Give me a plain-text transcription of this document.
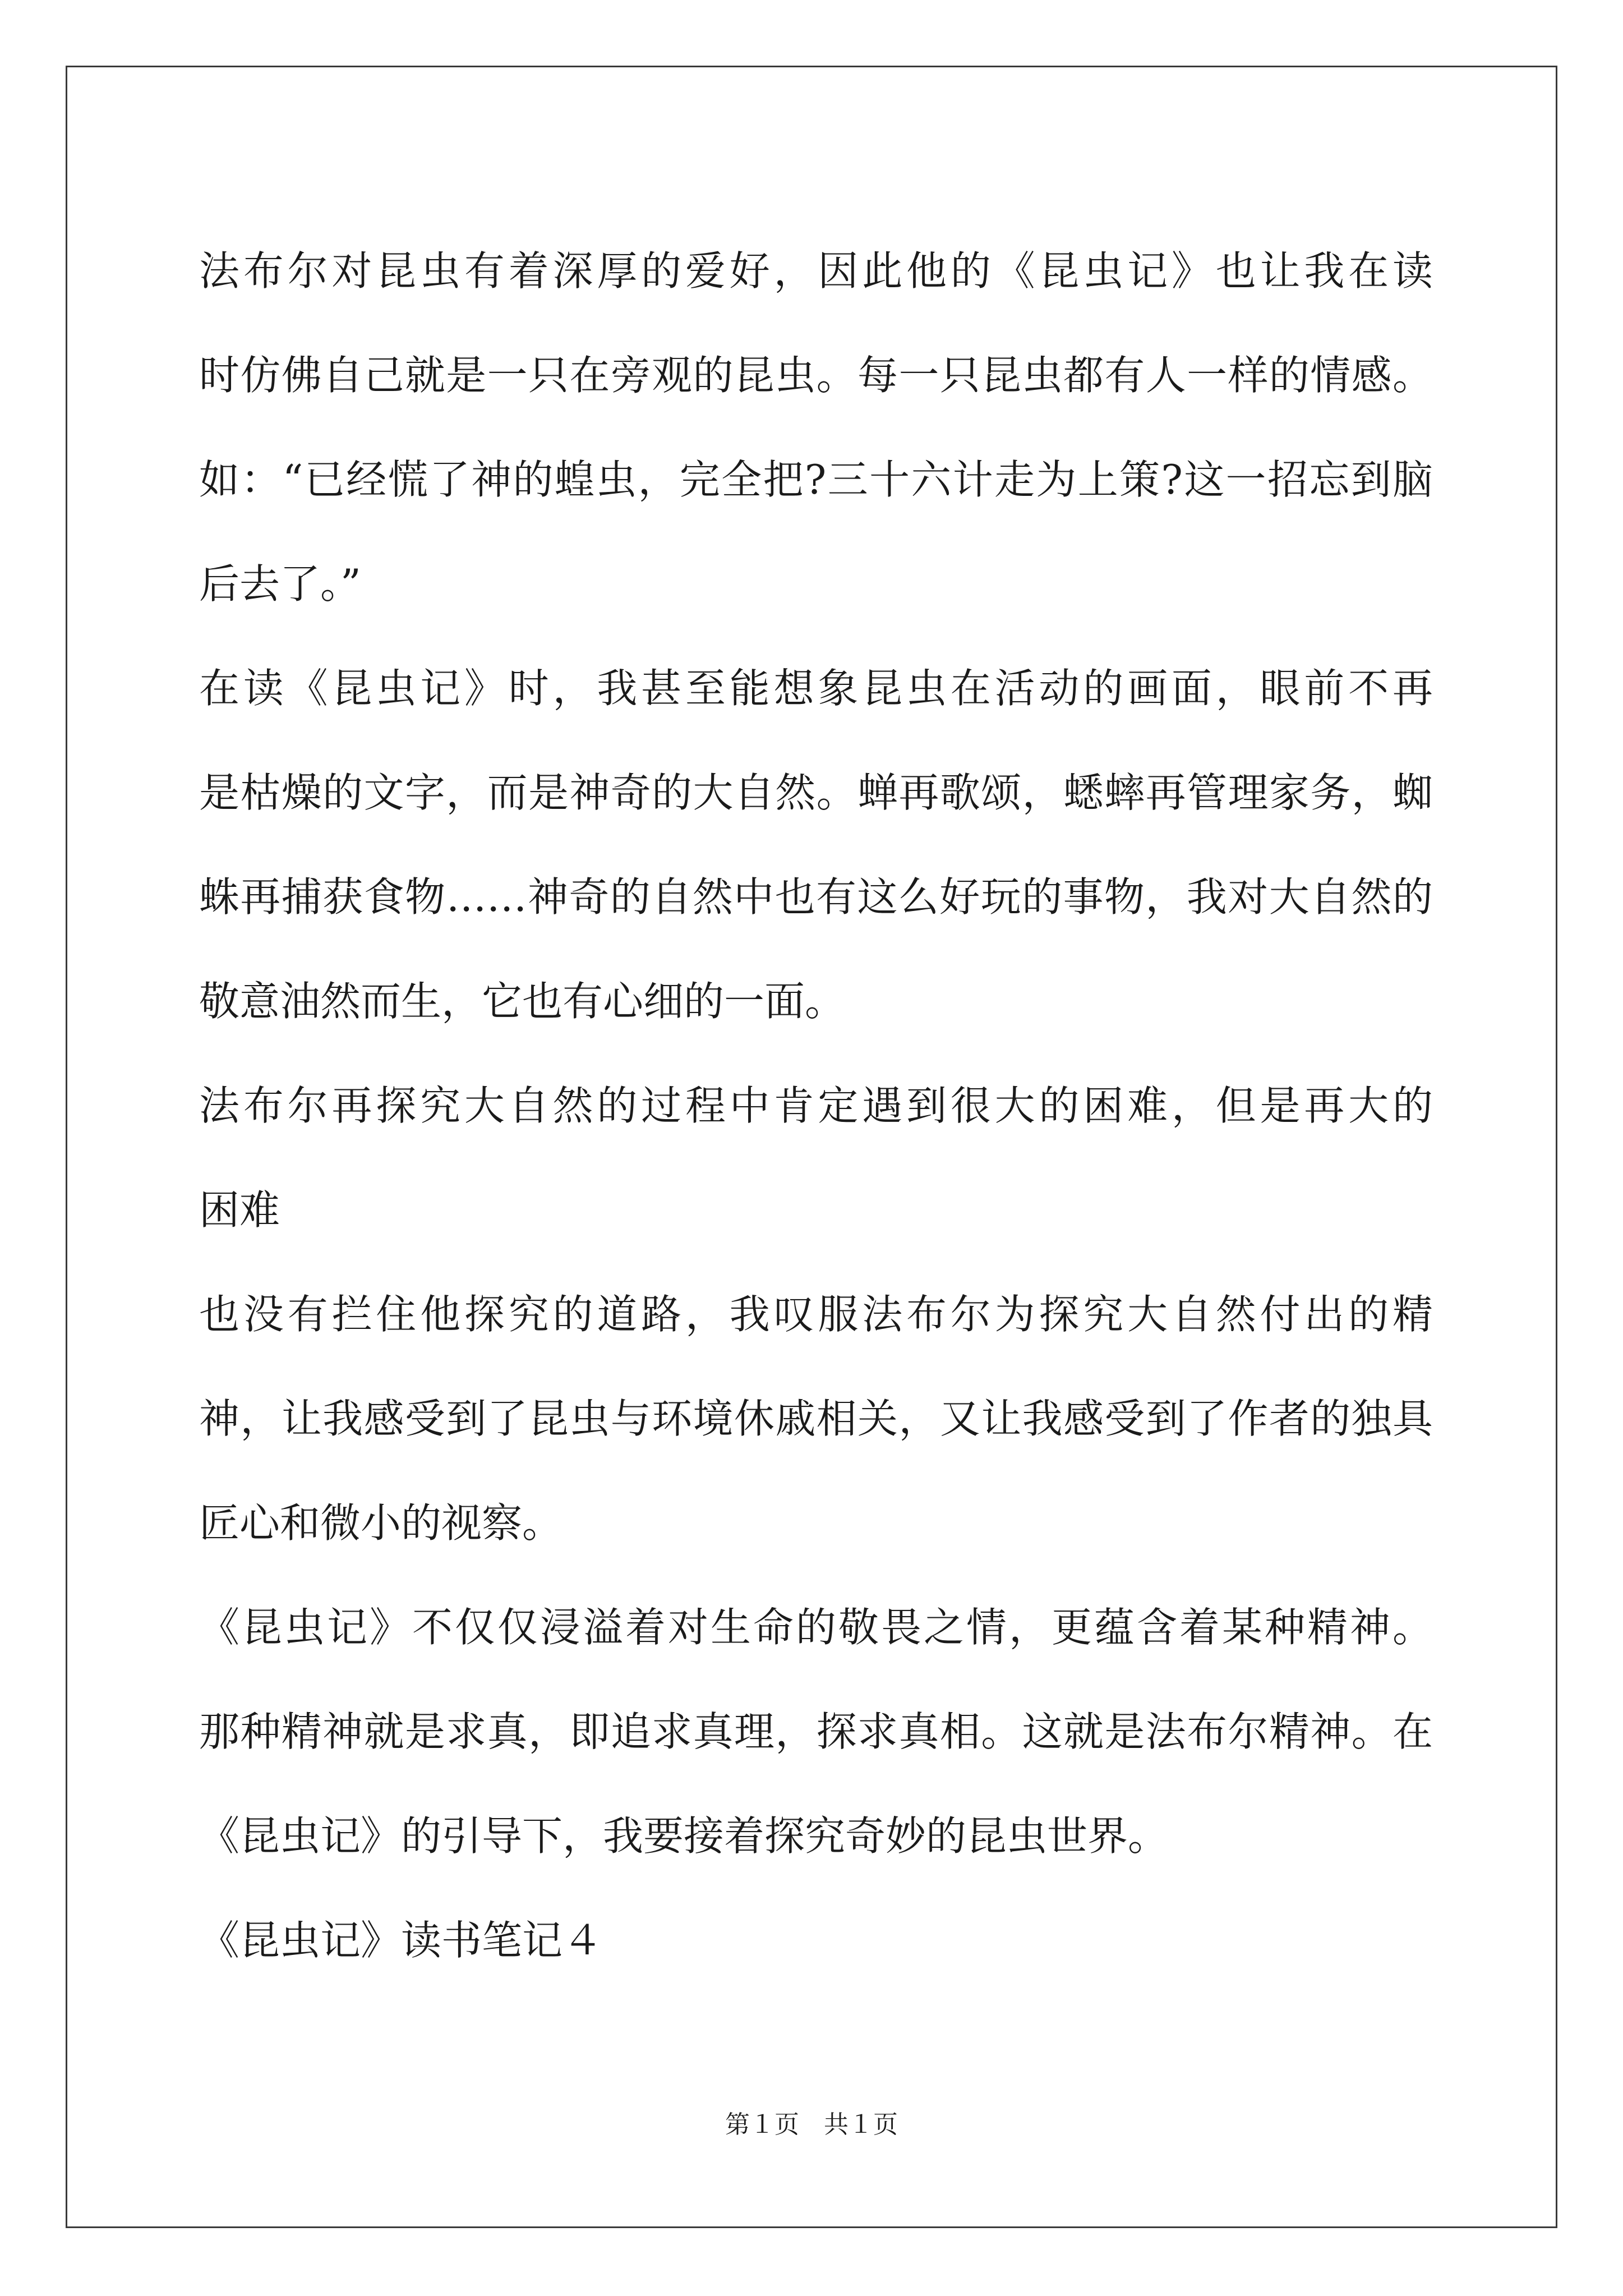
法布尔对昆虫有着深厚的爱好，因此他的《昆虫记》也让我在读
时仿佛自己就是一只在旁观的昆虫。每一只昆虫都有人一样的情感。
如：“已经慌了神的蝗虫，完全把?三十六计走为上策?这一招忘到脑
后去了。”
在读《昆虫记》时，我甚至能想象昆虫在活动的画面，眼前不再
是枯燥的文字，而是神奇的大自然。蝉再歌颂，蟋蟀再管理家务，蜘
蛛再捕获食物……神奇的自然中也有这么好玩的事物，我对大自然的
敬意油然而生，它也有心细的一面。
法布尔再探究大自然的过程中肯定遇到很大的困难，但是再大的
困难
也没有拦住他探究的道路，我叹服法布尔为探究大自然付出的精
神，让我感受到了昆虫与环境休戚相关，又让我感受到了作者的独具
匠心和微小的视察。
《昆虫记》不仅仅浸溢着对生命的敬畏之情，更蕴含着某种精神。
那种精神就是求真，即追求真理，探求真相。这就是法布尔精神。在
《昆虫记》的引导下，我要接着探究奇妙的昆虫世界。
《昆虫记》读书笔记４
第１页　共１页
